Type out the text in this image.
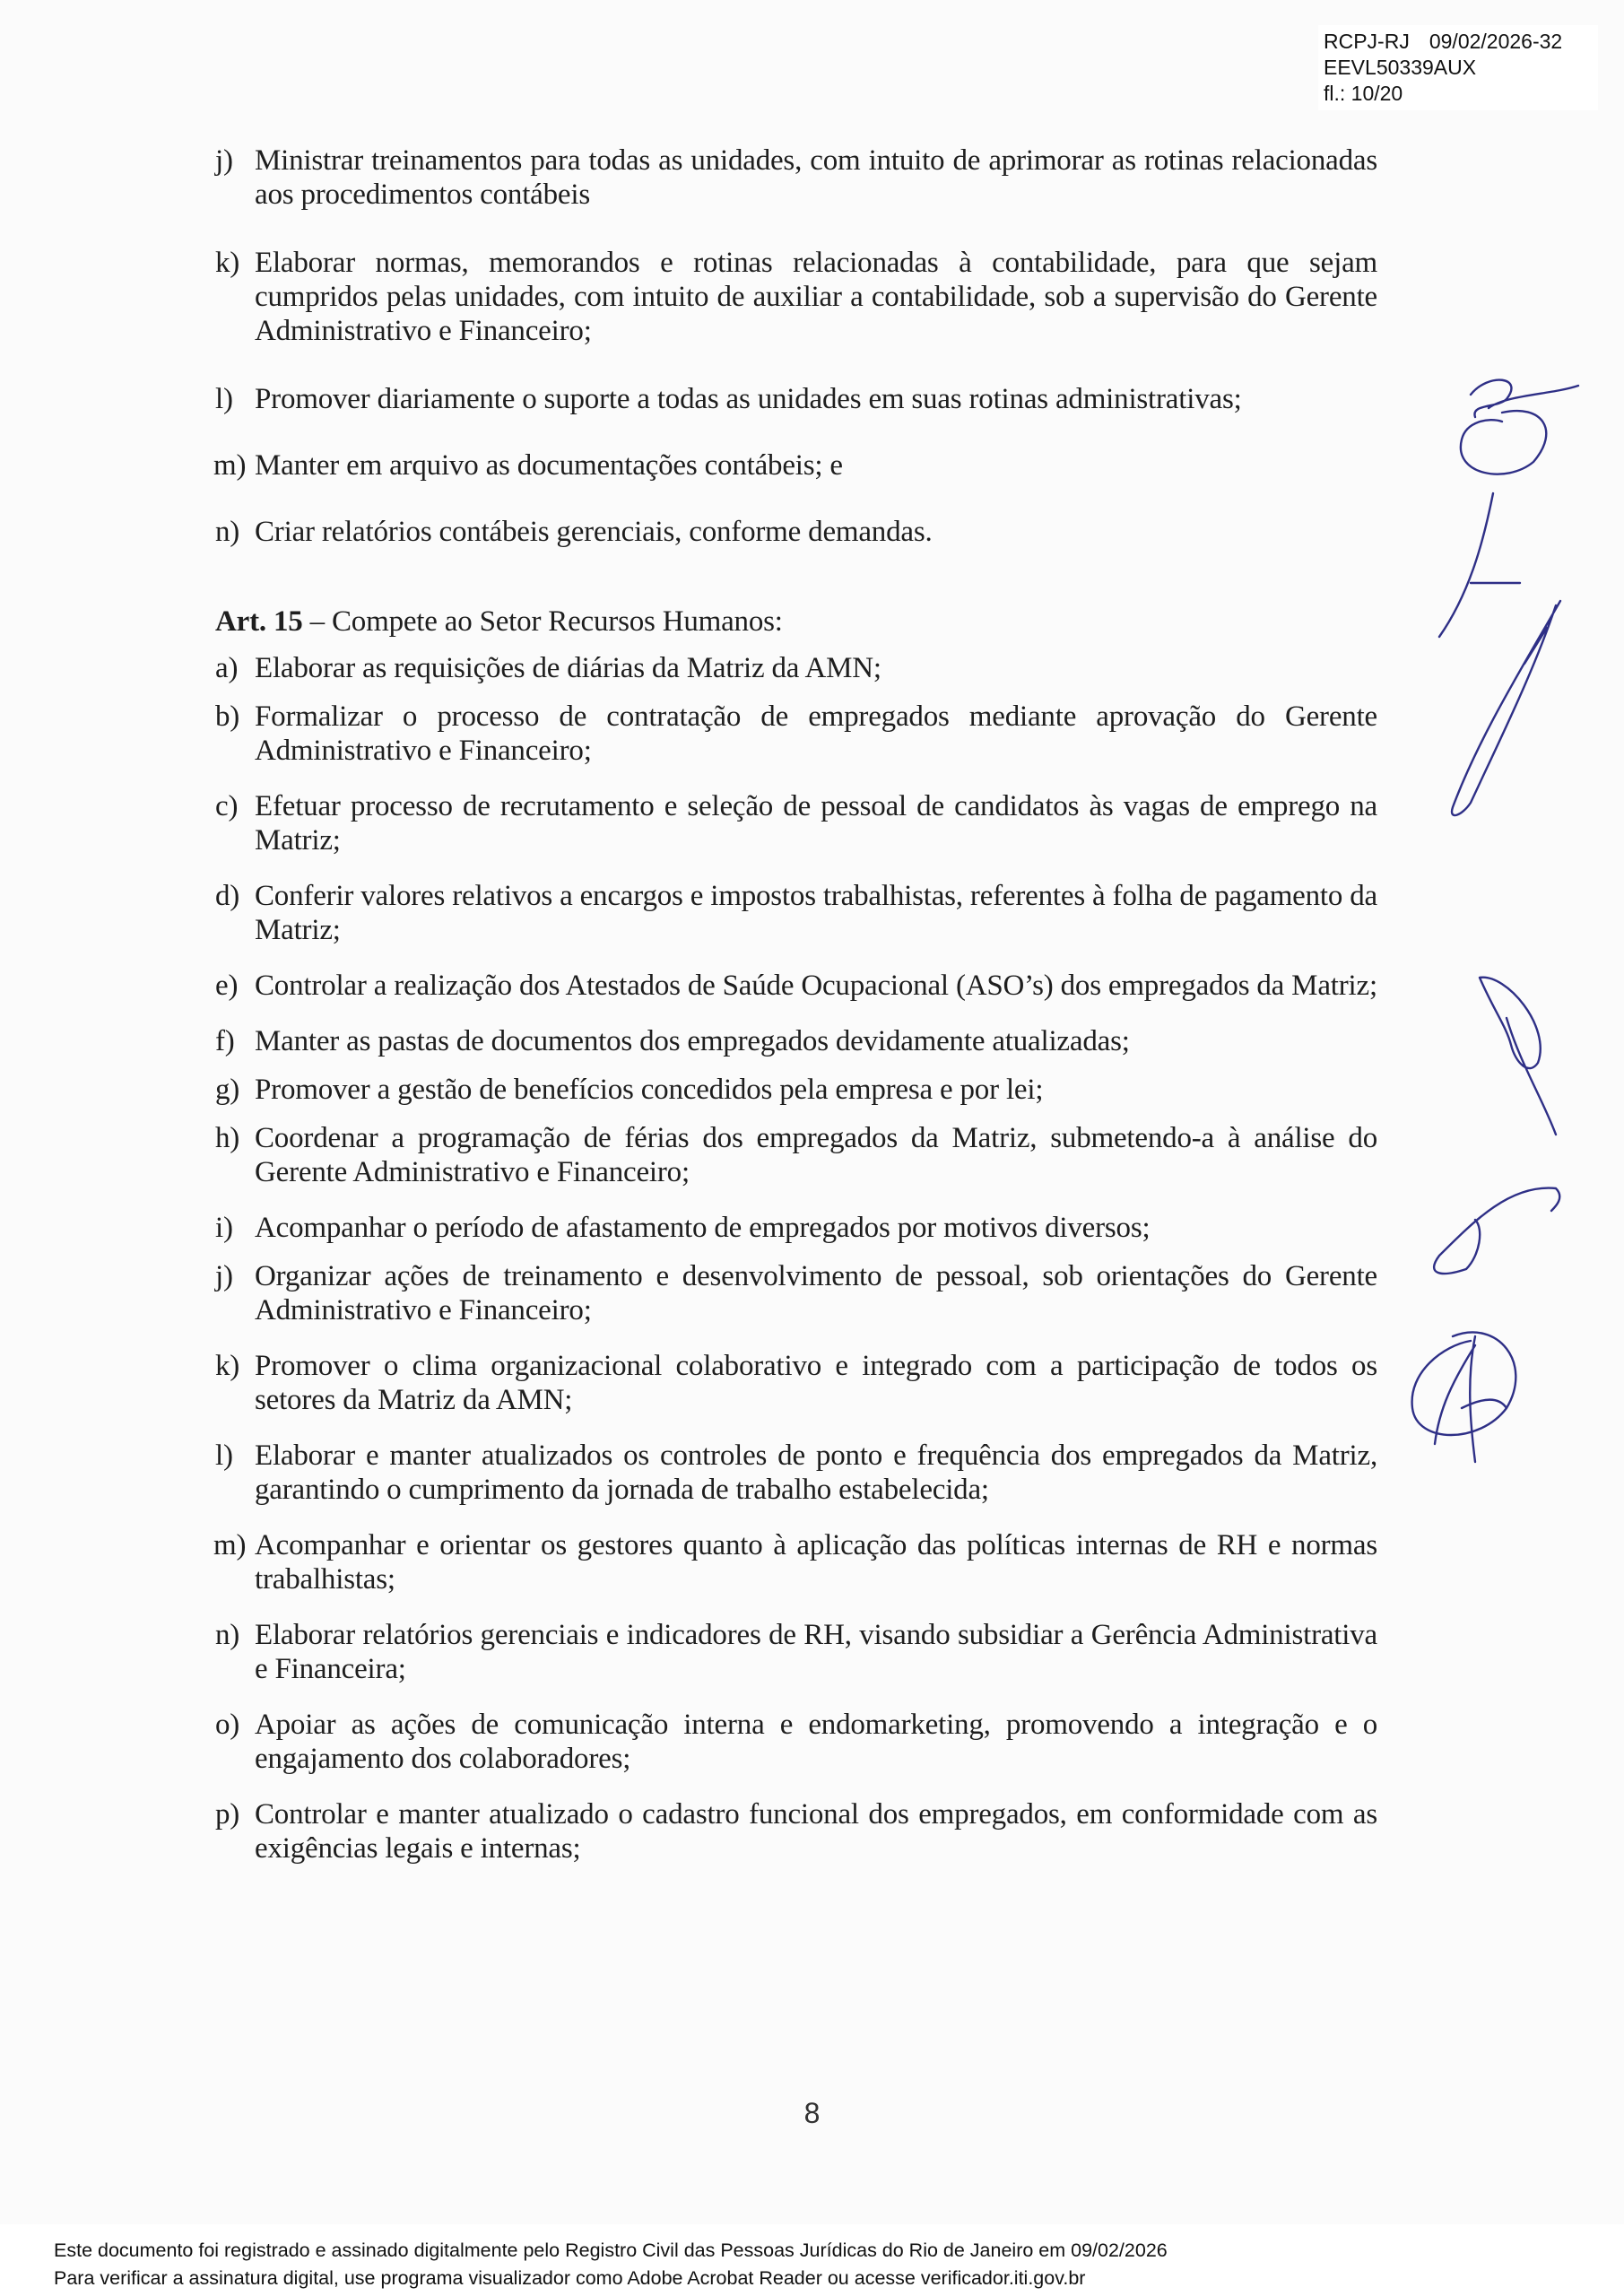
RCPJ-RJ 09/02/2026-32
EEVL50339AUX
fl.: 10/20
j) Ministrar treinamentos para todas as unidades, com intuito de aprimorar as rotinas relacionadas aos procedimentos contábeis
k) Elaborar normas, memorandos e rotinas relacionadas à contabilidade, para que sejam cumpridos pelas unidades, com intuito de auxiliar a contabilidade, sob a supervisão do Gerente Administrativo e Financeiro;
l) Promover diariamente o suporte a todas as unidades em suas rotinas administrativas;
m) Manter em arquivo as documentações contábeis; e
n) Criar relatórios contábeis gerenciais, conforme demandas.
Art. 15 – Compete ao Setor Recursos Humanos:
a) Elaborar as requisições de diárias da Matriz da AMN;
b) Formalizar o processo de contratação de empregados mediante aprovação do Gerente Administrativo e Financeiro;
c) Efetuar processo de recrutamento e seleção de pessoal de candidatos às vagas de emprego na Matriz;
d) Conferir valores relativos a encargos e impostos trabalhistas, referentes à folha de pagamento da Matriz;
e) Controlar a realização dos Atestados de Saúde Ocupacional (ASO’s) dos empregados da Matriz;
f) Manter as pastas de documentos dos empregados devidamente atualizadas;
g) Promover a gestão de benefícios concedidos pela empresa e por lei;
h) Coordenar a programação de férias dos empregados da Matriz, submetendo-a à análise do Gerente Administrativo e Financeiro;
i) Acompanhar o período de afastamento de empregados por motivos diversos;
j) Organizar ações de treinamento e desenvolvimento de pessoal, sob orientações do Gerente Administrativo e Financeiro;
k) Promover o clima organizacional colaborativo e integrado com a participação de todos os setores da Matriz da AMN;
l) Elaborar e manter atualizados os controles de ponto e frequência dos empregados da Matriz, garantindo o cumprimento da jornada de trabalho estabelecida;
m) Acompanhar e orientar os gestores quanto à aplicação das políticas internas de RH e normas trabalhistas;
n) Elaborar relatórios gerenciais e indicadores de RH, visando subsidiar a Gerência Administrativa e Financeira;
o) Apoiar as ações de comunicação interna e endomarketing, promovendo a integração e o engajamento dos colaboradores;
p) Controlar e manter atualizado o cadastro funcional dos empregados, em conformidade com as exigências legais e internas;
8
Este documento foi registrado e assinado digitalmente pelo Registro Civil das Pessoas Jurídicas do Rio de Janeiro em 09/02/2026
Para verificar a assinatura digital, use programa visualizador como Adobe Acrobat Reader ou acesse verificador.iti.gov.br
